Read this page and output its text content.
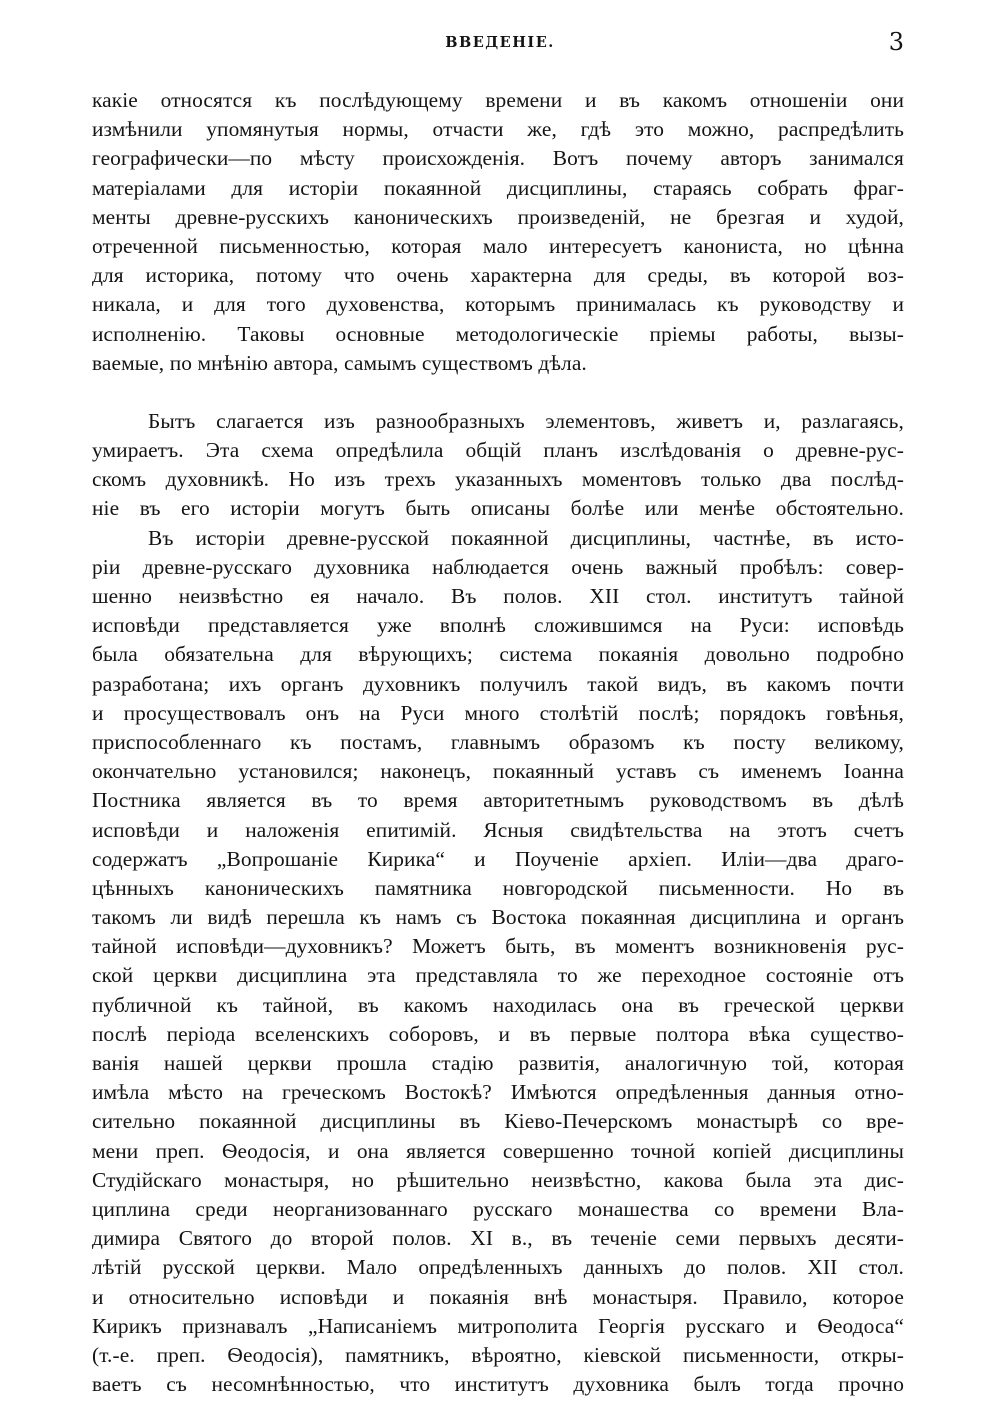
ВВЕДЕНІЕ.	3
какіе относятся къ послѣдующему времени и въ какомъ отношеніи они
измѣнили упомянутыя нормы, отчасти же, гдѣ это можно, распредѣлить
географически—по мѣсту происхожденія. Вотъ почему авторъ занимался
матеріалами для исторіи покаянной дисциплины, стараясь собрать фраг-
менты древне-русскихъ каноническихъ произведеній, не брезгая и худой,
отреченной письменностью, которая мало интересуетъ канониста, но цѣнна
для историка, потому что очень характерна для среды, въ которой воз-
никала, и для того духовенства, которымъ принималась къ руководству и
исполненію. Таковы основные методологическіе пріемы работы, вызы-
ваемые, по мнѣнію автора, самымъ существомъ дѣла.
Бытъ слагается изъ разнообразныхъ элементовъ, живетъ и, разлагаясь,
умираетъ. Эта схема опредѣлила общій планъ изслѣдованія о древне-рус-
скомъ духовникѣ. Но изъ трехъ указанныхъ моментовъ только два послѣд-
ніе въ его исторіи могутъ быть описаны болѣе или менѣе обстоятельно.
Въ исторіи древне-русской покаянной дисциплины, частнѣе, въ исто-
ріи древне-русскаго духовника наблюдается очень важный пробѣлъ: совер-
шенно неизвѣстно ея начало. Въ полов. XII стол. институтъ тайной
исповѣди представляется уже вполнѣ сложившимся на Руси: исповѣдь
была обязательна для вѣрующихъ; система покаянія довольно подробно
разработана; ихъ органъ духовникъ получилъ такой видъ, въ какомъ почти
и просуществовалъ онъ на Руси много столѣтій послѣ; порядокъ говѣнья,
приспособленнаго къ постамъ, главнымъ образомъ къ посту великому,
окончательно установился; наконецъ, покаянный уставъ съ именемъ Іоанна
Постника является въ то время авторитетнымъ руководствомъ въ дѣлѣ
исповѣди и наложенія епитимій. Ясныя свидѣтельства на этотъ счетъ
содержатъ „Вопрошаніе Кирика“ и Поученіе архіеп. Иліи—два драго-
цѣнныхъ каноническихъ памятника новгородской письменности. Но въ
такомъ ли видѣ перешла къ намъ съ Востока покаянная дисциплина и органъ
тайной исповѣди—духовникъ? Можетъ быть, въ моментъ возникновенія рус-
ской церкви дисциплина эта представляла то же переходное состояніе отъ
публичной къ тайной, въ какомъ находилась она въ греческой церкви
послѣ періода вселенскихъ соборовъ, и въ первые полтора вѣка существо-
ванія нашей церкви прошла стадію развитія, аналогичную той, которая
имѣла мѣсто на греческомъ Востокѣ? Имѣются опредѣленныя данныя отно-
сительно покаянной дисциплины въ Кіево-Печерскомъ монастырѣ со вре-
мени преп. Ѳеодосія, и она является совершенно точной копіей дисциплины
Студійскаго монастыря, но рѣшительно неизвѣстно, какова была эта дис-
циплина среди неорганизованнаго русскаго монашества со времени Вла-
димира Святого до второй полов. XI в., въ теченіе семи первыхъ десяти-
лѣтій русской церкви. Мало опредѣленныхъ данныхъ до полов. XII стол.
и относительно исповѣди и покаянія внѣ монастыря. Правило, которое
Кирикъ признавалъ „Написаніемъ митрополита Георгія русскаго и Ѳеодоса“
(т.-е. преп. Ѳеодосія), памятникъ, вѣроятно, кіевской письменности, откры-
ваетъ съ несомнѣнностью, что институтъ духовника былъ тогда прочно
